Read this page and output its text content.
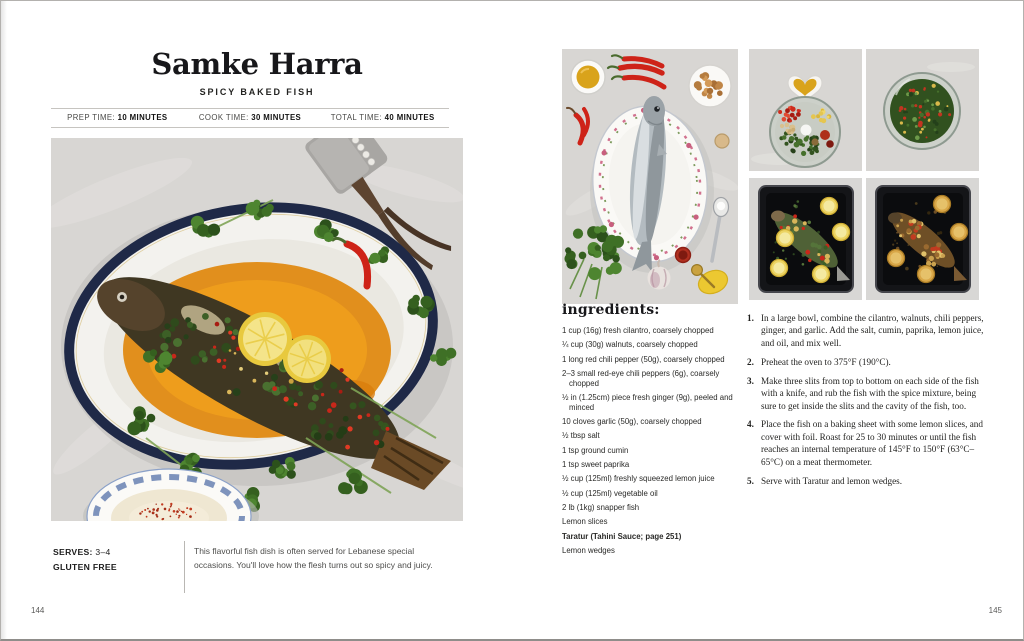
Samke Harra
SPICY BAKED FISH
PREP TIME: 10 MINUTES	COOK TIME: 30 MINUTES	TOTAL TIME: 40 MINUTES
SERVES: 3–4
GLUTEN FREE

This flavorful fish dish is often served for Lebanese special occasions. You'll love how the flesh turns out so spicy and juicy.

144
ingredients:
1 cup (16g) fresh cilantro, coarsely chopped
¼ cup (30g) walnuts, coarsely chopped
1 long red chili pepper (50g), coarsely chopped
2–3 small red-eye chili peppers (6g), coarsely chopped
½ in (1.25cm) piece fresh ginger (9g), peeled and minced
10 cloves garlic (50g), coarsely chopped
½ tbsp salt
1 tsp ground cumin
1 tsp sweet paprika
½ cup (125ml) freshly squeezed lemon juice
½ cup (125ml) vegetable oil
2 lb (1kg) snapper fish
Lemon slices
Taratur (Tahini Sauce; page 251)
Lemon wedges
1. In a large bowl, combine the cilantro, walnuts, chili peppers, ginger, and garlic. Add the salt, cumin, paprika, lemon juice, and oil, and mix well.
2. Preheat the oven to 375°F (190°C).
3. Make three slits from top to bottom on each side of the fish with a knife, and rub the fish with the spice mixture, being sure to get inside the slits and the cavity of the fish, too.
4. Place the fish on a baking sheet with some lemon slices, and cover with foil. Roast for 25 to 30 minutes or until the fish reaches an internal temperature of 145°F to 150°F (63°C–65°C) on a meat thermometer.
5. Serve with Taratur and lemon wedges.
145
